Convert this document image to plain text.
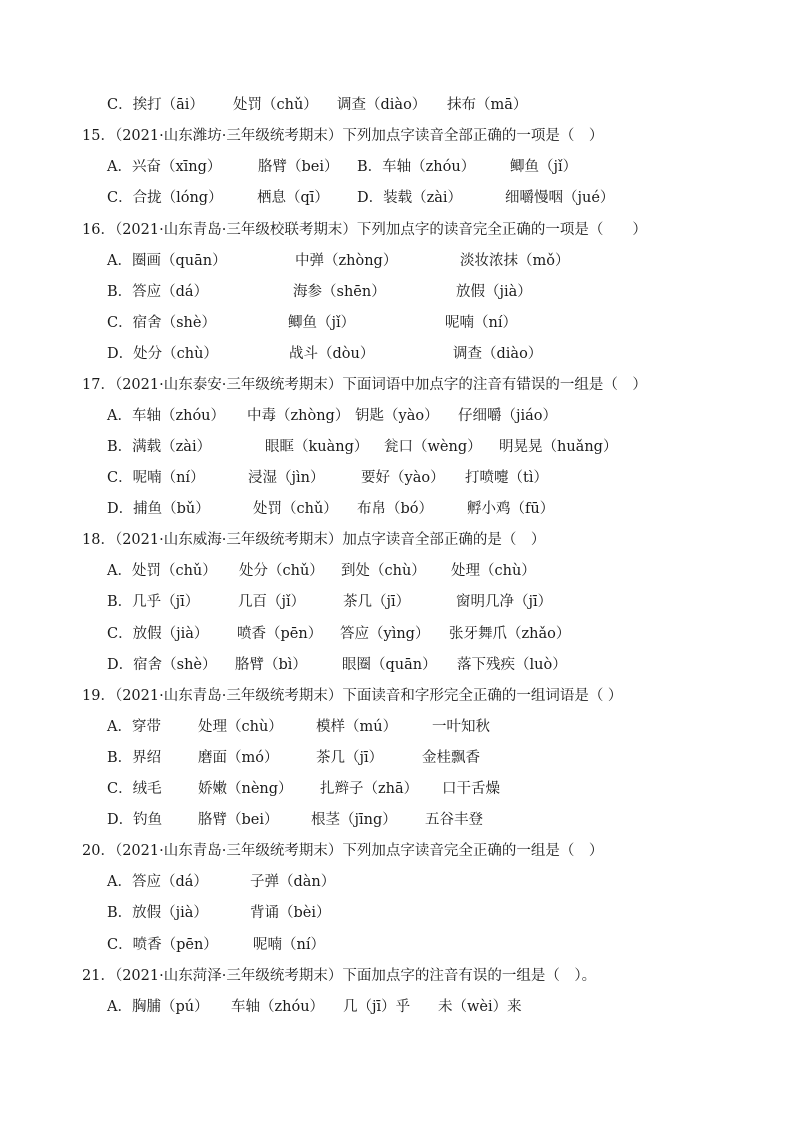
C．挨打（āi） 处罚（chǔ） 调查（diào） 抹布（mā）
15．（2021·山东潍坊·三年级统考期末）下列加点字读音全部正确的一项是（　）
A．兴奋（xīng）	胳臂（bei） B．车轴（zhóu） 鲫鱼（jǐ）
C．合拢（lóng） 栖息（qī） D．装载（zài）	细嚼慢咽（jué）
16．（2021·山东青岛·三年级校联考期末）下列加点字的读音完全正确的一项是（　　）
A．圈画（quān）	中弹（zhòng）	淡妆浓抹（mǒ）
B．答应（dá）	海参（shēn）	放假（jià）
C．宿舍（shè）	鲫鱼（jǐ）	呢喃（ní）
D．处分（chù）	战斗（dòu）	调查（diào）
17．（2021·山东泰安·三年级统考期末）下面词语中加点字的注音有错误的一组是（　）
A．车轴（zhóu） 中毒（zhòng） 钥匙（yào） 仔细嚼（jiáo）
B．满载（zài）	眼眶（kuàng） 瓮口（wèng） 明晃晃（huǎng）
C．呢喃（ní）	浸湿（jìn）	要好（yào） 打喷嚏（tì）
D．捕鱼（bǔ）	处罚（chǔ） 布帛（bó） 孵小鸡（fū）
18．（2021·山东威海·三年级统考期末）加点字读音全部正确的是（　）
A．处罚（chǔ） 处分（chǔ） 到处（chù） 处理（chù）
B．几乎（jī）	几百（jǐ）	茶几（jī）	窗明几净（jī）
C．放假（jià） 喷香（pēn） 答应（yìng） 张牙舞爪（zhǎo）
D．宿舍（shè） 胳臂（bì） 眼圈（quān） 落下残疾（luò）
19．（2021·山东青岛·三年级统考期末）下面读音和字形完全正确的一组词语是（ ）
A．穿带	处理（chù） 模样（mú） 一叶知秋
B．界绍	磨面（mó）	茶几（jī）	金桂飘香
C．绒毛	娇嫩（nèng） 扎辫子（zhā） 口干舌燥
D．钓鱼 胳臂（bei） 根茎（jīng） 五谷丰登
20．（2021·山东青岛·三年级统考期末）下列加点字读音完全正确的一组是（　）
A．答应（dá）	子弹（dàn）
B．放假（jià）	背诵（bèi）
C．喷香（pēn） 呢喃（ní）
21．（2021·山东菏泽·三年级统考期末）下面加点字的注音有误的一组是（　）。
A．胸脯（pú） 车轴（zhóu） 几（jī）乎 未（wèi）来
